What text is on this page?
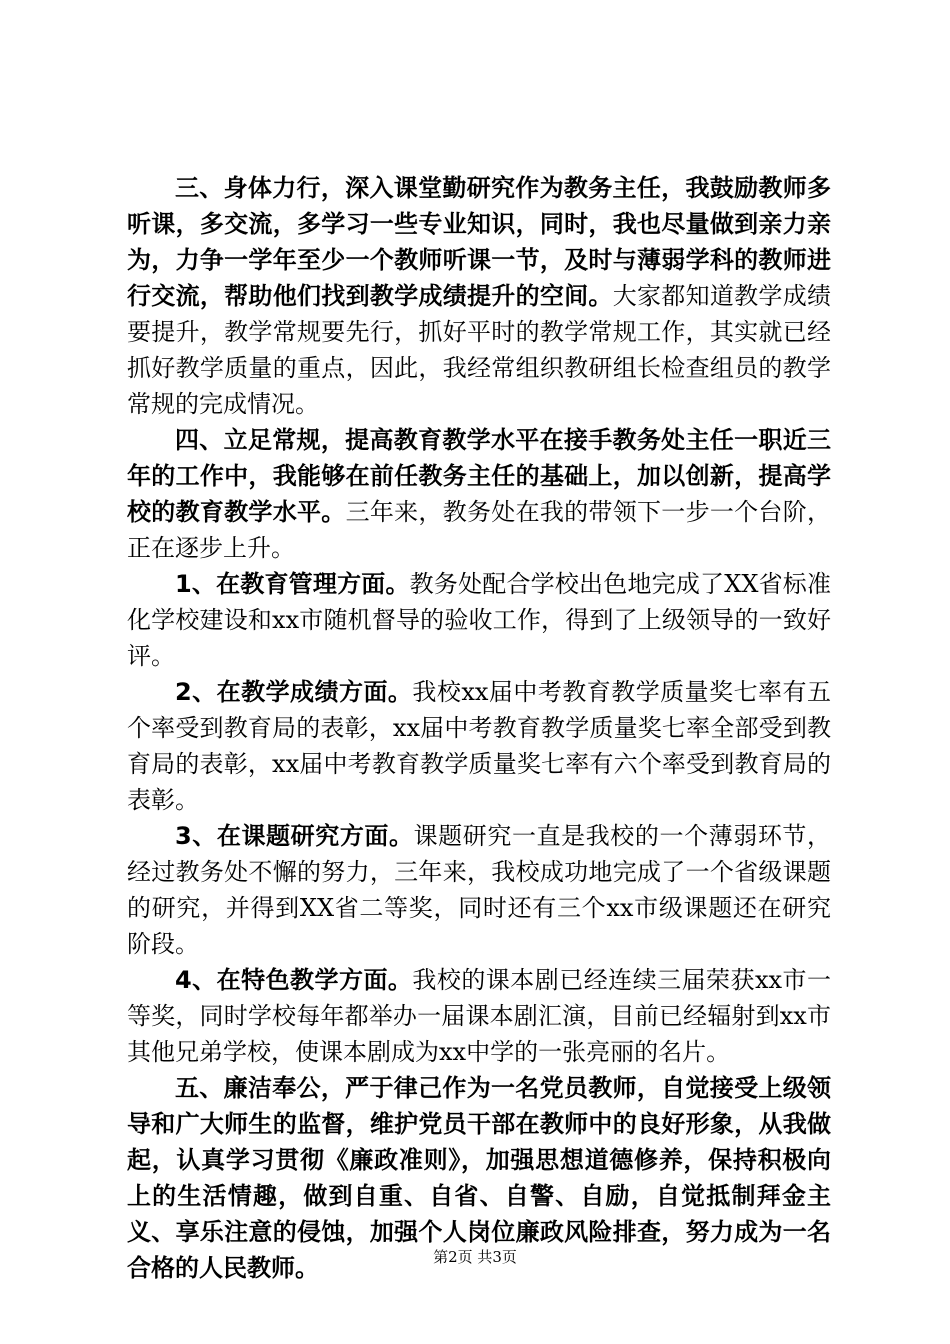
三、身体力行，深入课堂勤研究作为教务主任，我鼓励教师多听课，多交流，多学习一些专业知识，同时，我也尽量做到亲力亲为，力争一学年至少一个教师听课一节，及时与薄弱学科的教师进行交流，帮助他们找到教学成绩提升的空间。大家都知道教学成绩要提升，教学常规要先行，抓好平时的教学常规工作，其实就已经抓好教学质量的重点，因此，我经常组织教研组长检查组员的教学常规的完成情况。

四、立足常规，提高教育教学水平在接手教务处主任一职近三年的工作中，我能够在前任教务主任的基础上，加以创新，提高学校的教育教学水平。三年来，教务处在我的带领下一步一个台阶，正在逐步上升。

1、在教育管理方面。教务处配合学校出色地完成了XX省标准化学校建设和xx市随机督导的验收工作，得到了上级领导的一致好评。

2、在教学成绩方面。我校xx届中考教育教学质量奖七率有五个率受到教育局的表彰，xx届中考教育教学质量奖七率全部受到教育局的表彰，xx届中考教育教学质量奖七率有六个率受到教育局的表彰。

3、在课题研究方面。课题研究一直是我校的一个薄弱环节，经过教务处不懈的努力，三年来，我校成功地完成了一个省级课题的研究，并得到XX省二等奖，同时还有三个xx市级课题还在研究阶段。

4、在特色教学方面。我校的课本剧已经连续三届荣获xx市一等奖，同时学校每年都举办一届课本剧汇演，目前已经辐射到xx市其他兄弟学校，使课本剧成为xx中学的一张亮丽的名片。

五、廉洁奉公，严于律己作为一名党员教师，自觉接受上级领导和广大师生的监督，维护党员干部在教师中的良好形象，从我做起，认真学习贯彻《廉政准则》，加强思想道德修养，保持积极向上的生活情趣，做到自重、自省、自警、自励，自觉抵制拜金主义、享乐注意的侵蚀，加强个人岗位廉政风险排查，努力成为一名合格的人民教师。	第2页 共3页
